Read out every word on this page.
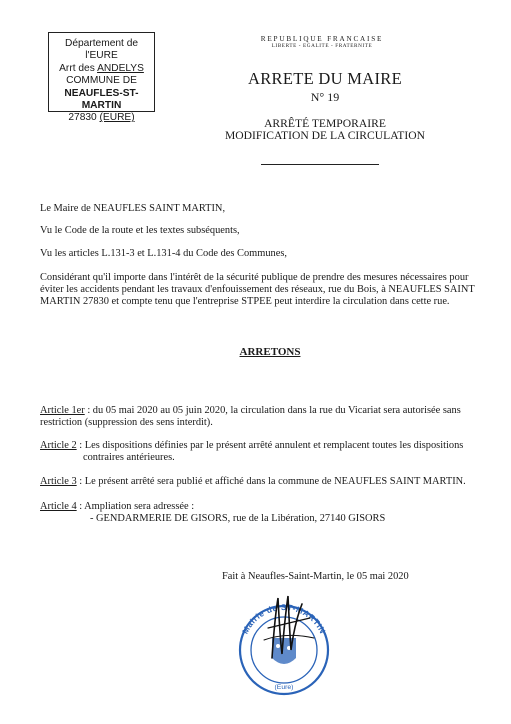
Département de l'EURE
Arrt des ANDELYS
COMMUNE DE
NEAUFLES-ST-MARTIN
27830 (EURE)
REPUBLIQUE FRANCAISE
LIBERTE - EGALITE - FRATERNITE
ARRETE DU MAIRE
N° 19
ARRÊTÉ TEMPORAIRE
MODIFICATION DE LA CIRCULATION
Le Maire de NEAUFLES SAINT MARTIN,
Vu le Code de la route et les textes subséquents,
Vu les articles L.131-3 et L.131-4 du Code des Communes,
Considérant qu'il importe dans l'intérêt de la sécurité publique de prendre des mesures nécessaires pour
éviter les accidents pendant les travaux d'enfouissement des réseaux, rue du Bois, à NEAUFLES SAINT
MARTIN 27830 et compte tenu que l'entreprise STPEE peut interdire la circulation dans cette rue.
ARRETONS
Article 1er : du 05 mai 2020 au 05 juin 2020, la circulation dans la rue du Vicariat sera autorisée sans
restriction (suppression des sens interdit).
Article 2 : Les dispositions définies par le présent arrêté annulent et remplacent toutes les dispositions
contraires antérieures.
Article 3 : Le présent arrêté sera publié et affiché dans la commune de NEAUFLES SAINT MARTIN.
Article 4 : Ampliation sera adressée :
- GENDARMERIE DE GISORS, rue de la Libération, 27140 GISORS
Fait à Neaufles-Saint-Martin, le 05 mai 2020
Mairie de ST-MARTIN
(Eure)
